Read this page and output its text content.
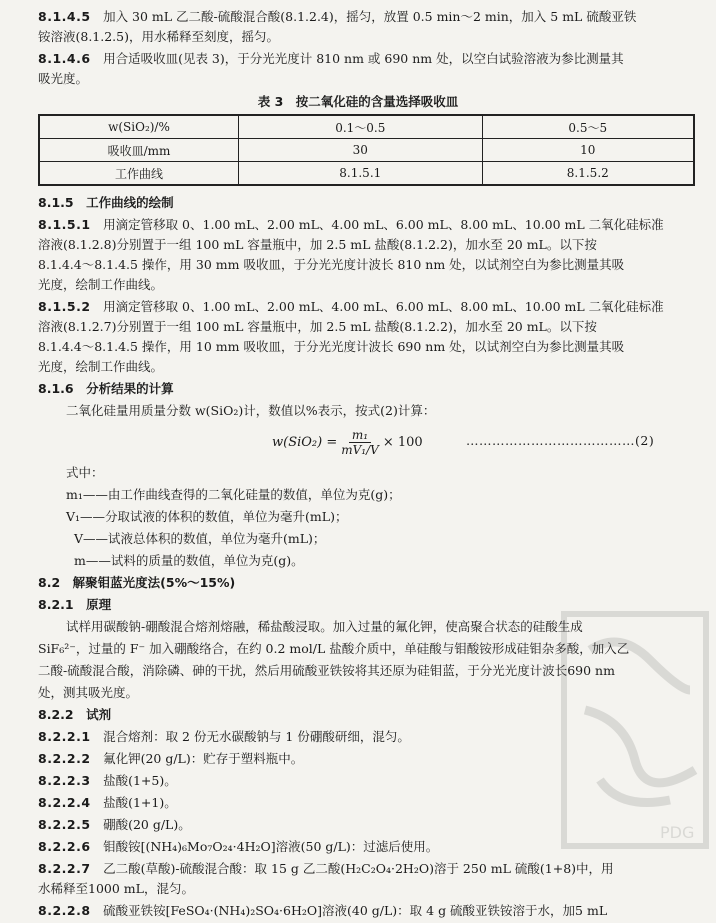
8.1.4.5　 加入 30 mL 乙二酸-硫酸混合酸(8.1.2.4)，摇匀，放置 0.5 min～2 min，加入 5 mL 硫酸亚铁
铵溶液(8.1.2.5)，用水稀释至刻度，摇匀。
8.1.4.6　 用合适吸收皿(见表 3)，于分光光度计 810 nm 或 690 nm 处，以空白试验溶液为参比测量其
吸光度。
表 3　按二氧化硅的含量选择吸收皿
w(SiO₂)/%	0.1～0.5	0.5～5
吸收皿/mm	30	10
工作曲线	8.1.5.1	8.1.5.2
8.1.5　 工作曲线的绘制
8.1.5.1　 用滴定管移取 0、1.00 mL、2.00 mL、4.00 mL、6.00 mL、8.00 mL、10.00 mL 二氧化硅标准
溶液(8.1.2.8)分别置于一组 100 mL 容量瓶中，加 2.5 mL 盐酸(8.1.2.2)，加水至 20 mL。以下按
8.1.4.4～8.1.4.5 操作，用 30 mm 吸收皿，于分光光度计波长 810 nm 处，以试剂空白为参比测量其吸
光度，绘制工作曲线。
8.1.5.2　 用滴定管移取 0、1.00 mL、2.00 mL、4.00 mL、6.00 mL、8.00 mL、10.00 mL 二氧化硅标准
溶液(8.1.2.7)分别置于一组 100 mL 容量瓶中，加 2.5 mL 盐酸(8.1.2.2)，加水至 20 mL。以下按
8.1.4.4～8.1.4.5 操作，用 10 mm 吸收皿，于分光光度计波长 690 nm 处，以试剂空白为参比测量其吸
光度，绘制工作曲线。
8.1.6　 分析结果的计算
二氧化硅量用质量分数 w(SiO₂)计，数值以%表示，按式(2)计算：
$w(SiO_2) = \frac{\text{m₁}}{\text{mV₁/V}} \times 100$	…………………………………(2)
式中：
m₁——由工作曲线查得的二氧化硅量的数值，单位为克(g)；
V₁——分取试液的体积的数值，单位为毫升(mL)；
V——试液总体积的数值，单位为毫升(mL)；
m——试料的质量的数值，单位为克(g)。
8.2　 解聚钼蓝光度法(5%～15%)
8.2.1　 原理
试样用碳酸钠-硼酸混合熔剂熔融，稀盐酸浸取。加入过量的氟化钾，使高聚合状态的硅酸生成
SiF₆²⁻，过量的 F⁻ 加入硼酸络合，在约 0.2 mol/L 盐酸介质中，单硅酸与钼酸铵形成硅钼杂多酸，加入乙
二酸-硫酸混合酸，消除磷、砷的干扰，然后用硫酸亚铁铵将其还原为硅钼蓝，于分光光度计波长690 nm
处，测其吸光度。
8.2.2　 试剂
8.2.2.1　 混合熔剂：取 2 份无水碳酸钠与 1 份硼酸研细，混匀。
8.2.2.2　 氟化钾(20 g/L)：贮存于塑料瓶中。
8.2.2.3　 盐酸(1+5)。
8.2.2.4　 盐酸(1+1)。
8.2.2.5　 硼酸(20 g/L)。
8.2.2.6　 钼酸铵[(NH₄)₆Mo₇O₂₄·4H₂O]溶液(50 g/L)：过滤后使用。
8.2.2.7　 乙二酸(草酸)-硫酸混合酸：取 15 g 乙二酸(H₂C₂O₄·2H₂O)溶于 250 mL 硫酸(1+8)中，用
水稀释至1000 mL，混匀。
8.2.2.8　 硫酸亚铁铵[FeSO₄·(NH₄)₂SO₄·6H₂O]溶液(40 g/L)：取 4 g 硫酸亚铁铵溶于水，加5 mL
PDG
